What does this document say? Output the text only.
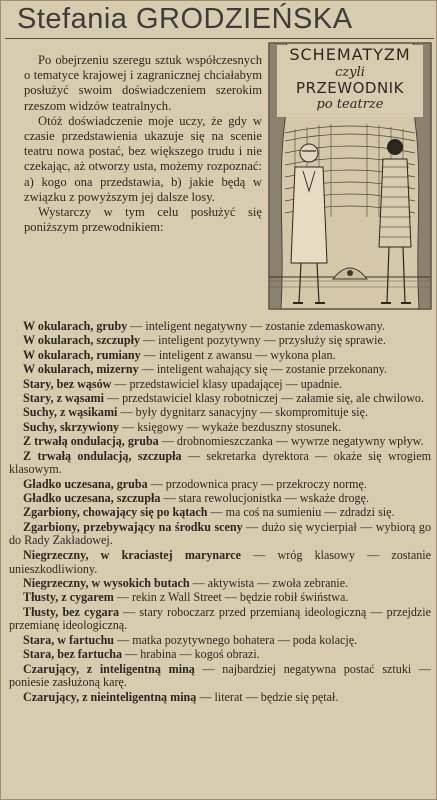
Stefania GRODZIEŃSKA

Po obejrzeniu szeregu sztuk współczesnych o tematyce krajowej i zagranicznej chciałabym posłużyć swoim doświadczeniem szerokim rzeszom widzów teatralnych.

Otóż doświadczenie moje uczy, że gdy w czasie przedstawienia ukazuje się na scenie teatru nowa postać, bez większego trudu i nie czekając, aż otworzy usta, możemy rozpoznać: a) kogo ona przedstawia, b) jakie będą w związku z powyższym jej dalsze losy.

Wystarczy w tym celu posłużyć się poniższym przewodnikiem:

SCHEMATYZM
czyli
PRZEWODNIK
po teatrze

W okularach, gruby — inteligent negatywny — zostanie zdemaskowany.

W okularach, szczupły — inteligent pozytywny — przysłuży się sprawie.

W okularach, rumiany — inteligent z awansu — wykona plan.

W okularach, mizerny — inteligent wahający się — zostanie przekonany.

Stary, bez wąsów — przedstawiciel klasy upadającej — upadnie.

Stary, z wąsami — przedstawiciel klasy robotniczej — załamie się, ale chwilowo.

Suchy, z wąsikami — były dygnitarz sanacyjny — skompromituje się.

Suchy, skrzywiony — księgowy — wykaże bezduszny stosunek.

Z trwałą ondulacją, gruba — drobnomieszczanka — wywrze negatywny wpływ.

Z trwałą ondulacją, szczupła — sekretarka dyrektora — okaże się wrogiem klasowym.

Gładko uczesana, gruba — przodownica pracy — przekroczy normę.

Gładko uczesana, szczupła — stara rewolucjonistka — wskaże drogę.

Zgarbiony, chowający się po kątach — ma coś na sumieniu — zdradzi się.

Zgarbiony, przebywający na środku sceny — dużo się wycierpiał — wybiorą go do Rady Zakładowej.

Niegrzeczny, w kraciastej marynarce — wróg klasowy — zostanie unieszkodliwiony.

Niegrzeczny, w wysokich butach — aktywista — zwoła zebranie.

Tłusty, z cygarem — rekin z Wall Street — będzie robił świństwa.

Tłusty, bez cygara — stary roboczarz przed przemianą ideologiczną — przejdzie przemianę ideologiczną.

Stara, w fartuchu — matka pozytywnego bohatera — poda kolację.

Stara, bez fartucha — hrabina — kogoś obrazi.

Czarujący, z inteligentną miną — najbardziej negatywna postać sztuki — poniesie zasłużoną karę.

Czarujący, z nieinteligentną miną — literat — będzie się pętał.
